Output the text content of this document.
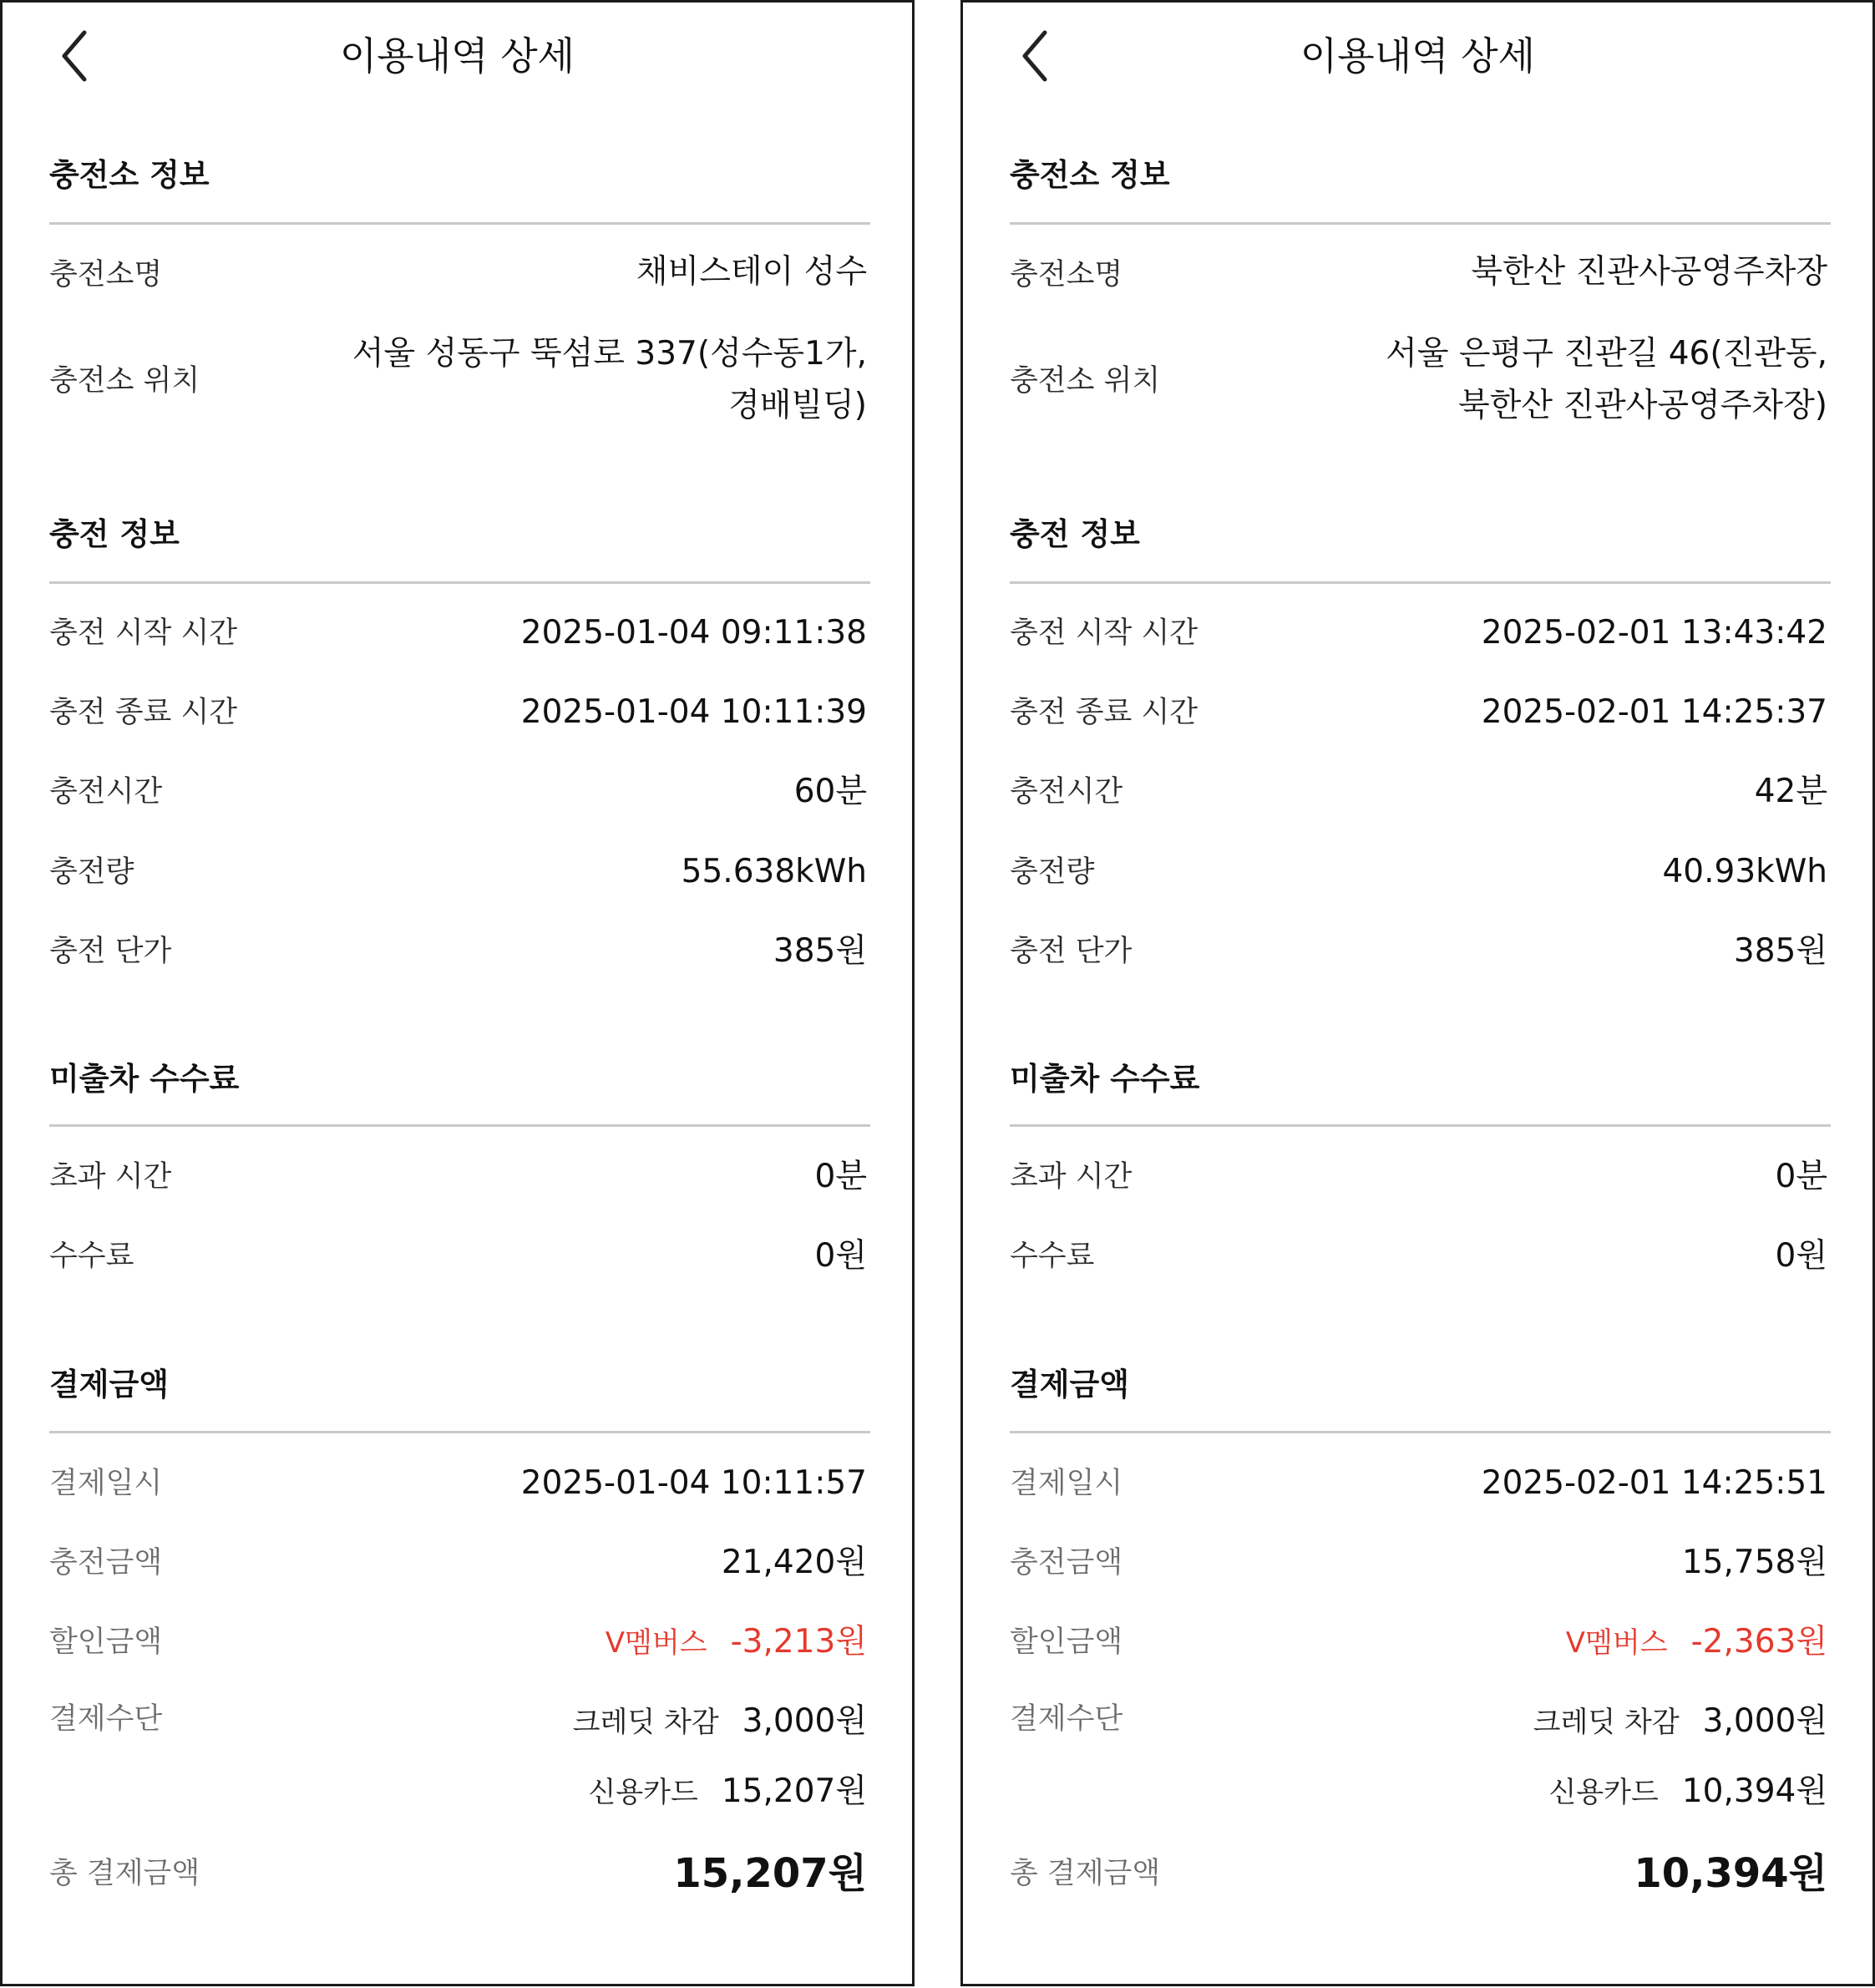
이용내역 상세
충전소 정보
충전소명	채비스테이 성수
충전소 위치
서울 성동구 뚝섬로 337(성수동1가,
경배빌딩)
충전 정보
충전 시작 시간	2025-01-04 09:11:38
충전 종료 시간	2025-01-04 10:11:39
충전시간	60분
충전량	55.638kWh
충전 단가	385원
미출차 수수료
초과 시간	0분
수수료	0원
결제금액
결제일시	2025-01-04 10:11:57
충전금액	21,420원
할인금액	V멤버스 -3,213원
결제수단	크레딧 차감 3,000원
신용카드 15,207원
총 결제금액	15,207원
이용내역 상세
충전소 정보
충전소명	북한산 진관사공영주차장
충전소 위치
서울 은평구 진관길 46(진관동,
북한산 진관사공영주차장)
충전 정보
충전 시작 시간	2025-02-01 13:43:42
충전 종료 시간	2025-02-01 14:25:37
충전시간	42분
충전량	40.93kWh
충전 단가	385원
미출차 수수료
초과 시간	0분
수수료	0원
결제금액
결제일시	2025-02-01 14:25:51
충전금액	15,758원
할인금액	V멤버스 -2,363원
결제수단	크레딧 차감 3,000원
신용카드 10,394원
총 결제금액	10,394원
